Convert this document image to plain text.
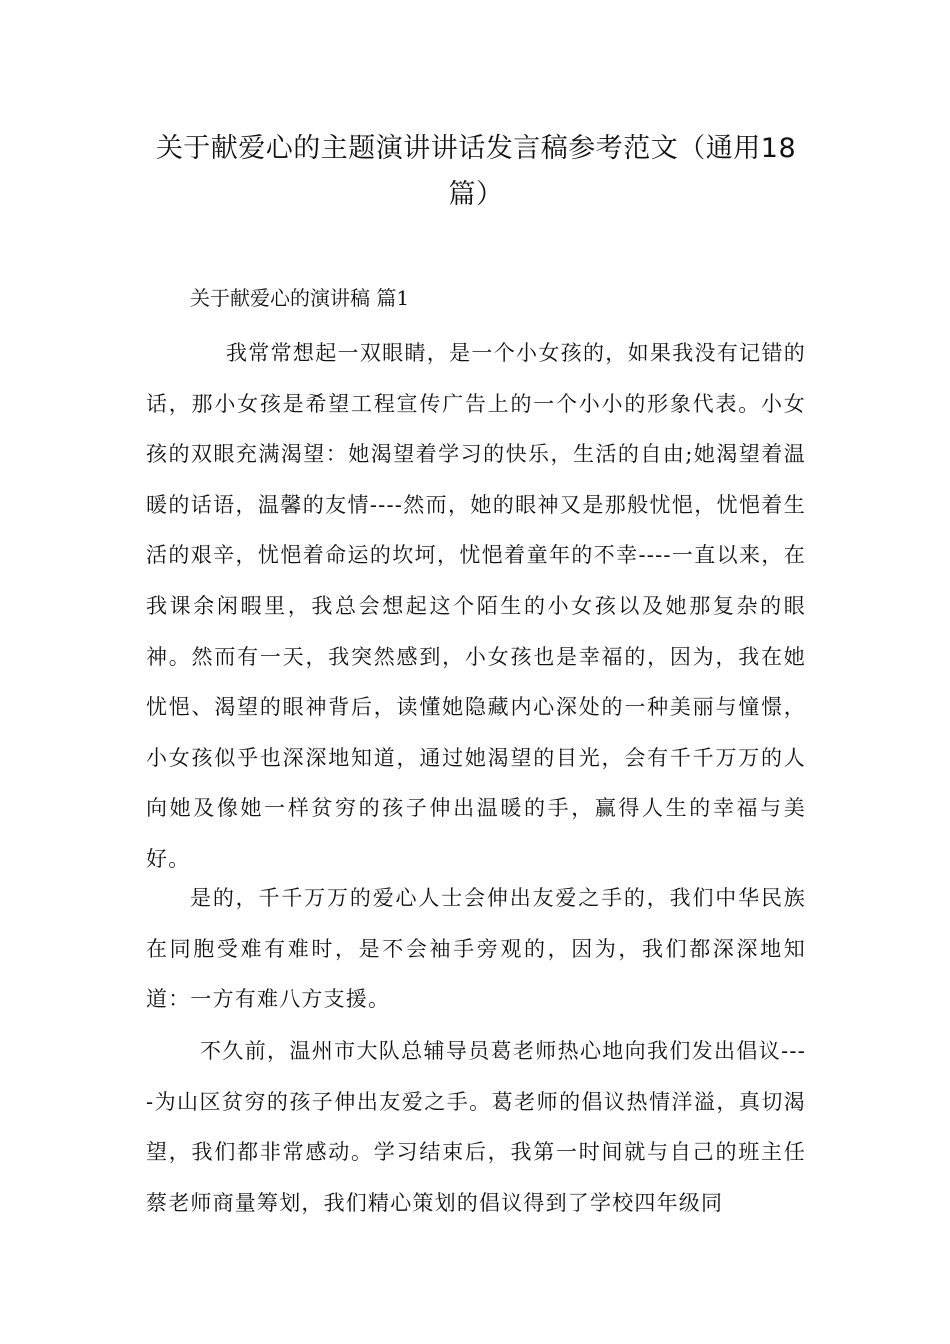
关于献爱心的主题演讲讲话发言稿参考范文（通用18篇）
关于献爱心的演讲稿 篇1

我常常想起一双眼睛，是一个小女孩的，如果我没有记错的话，那小女孩是希望工程宣传广告上的一个小小的形象代表。小女孩的双眼充满渴望：她渴望着学习的快乐，生活的自由;她渴望着温暖的话语，温馨的友情----然而，她的眼神又是那般忧悒，忧悒着生活的艰辛，忧悒着命运的坎坷，忧悒着童年的不幸----一直以来，在我课余闲暇里，我总会想起这个陌生的小女孩以及她那复杂的眼神。然而有一天，我突然感到，小女孩也是幸福的，因为，我在她忧悒、渴望的眼神背后，读懂她隐藏内心深处的一种美丽与憧憬，小女孩似乎也深深地知道，通过她渴望的目光，会有千千万万的人向她及像她一样贫穷的孩子伸出温暖的手，赢得人生的幸福与美好。

是的，千千万万的爱心人士会伸出友爱之手的，我们中华民族在同胞受难有难时，是不会袖手旁观的，因为，我们都深深地知道：一方有难八方支援。

不久前，温州市大队总辅导员葛老师热心地向我们发出倡议----为山区贫穷的孩子伸出友爱之手。葛老师的倡议热情洋溢，真切渴望，我们都非常感动。学习结束后，我第一时间就与自己的班主任蔡老师商量筹划，我们精心策划的倡议得到了学校四年级同
